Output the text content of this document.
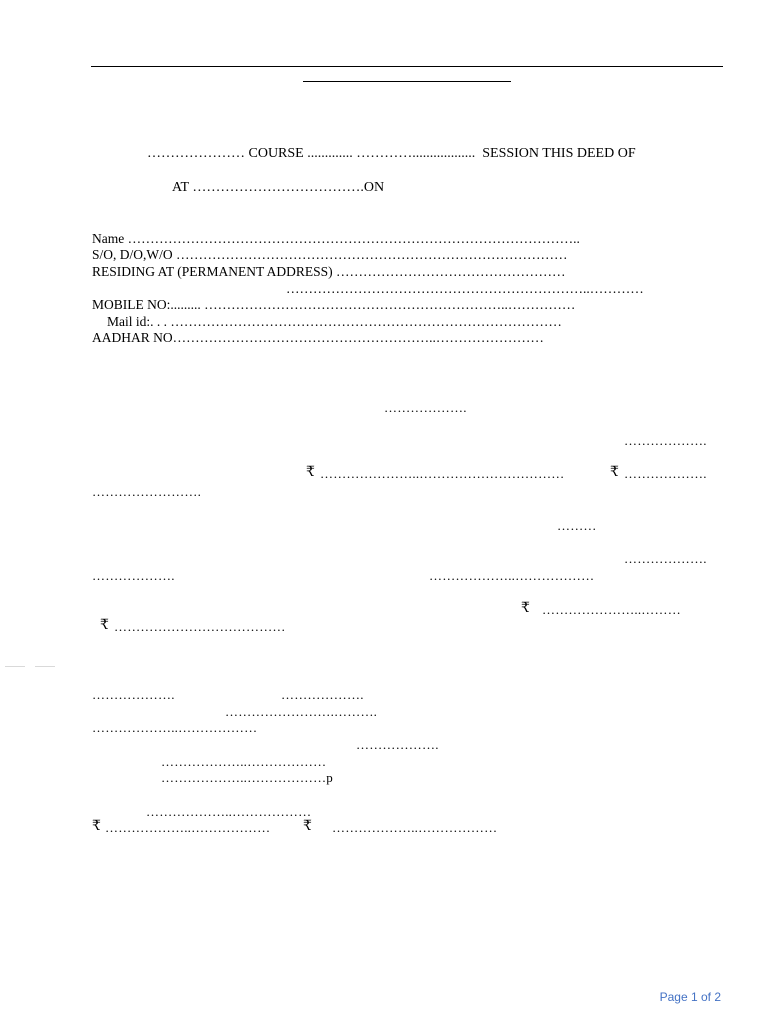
………………… COURSE ............. …………..................  SESSION THIS DEED OF
AT ……………………………….ON
Name ………………………………………………………………………………………..
S/O, D/O,W/O ……………………………………………………………………………
RESIDING AT (PERMANENT ADDRESS) ……………………………………………
…………………………………………………………..…………
MOBILE NO:......... …………………………………………………………..……………
Mail id:. . . ……………………………………………………………………………
AADHAR NO…………………………………………………..……………………
……………….
……………….
₹ …………………..……………………………	₹ ……………….
…………………….
………
……………….
……………….	………………..………………
₹ …………………..………
₹ …………………………………
……………….	……………….
…………………….……….
………………..………………
……………….
………………..………………
………………..………………p
………………..………………
₹ ………………..……………… ₹ ………………..………………
Page 1 of 2
